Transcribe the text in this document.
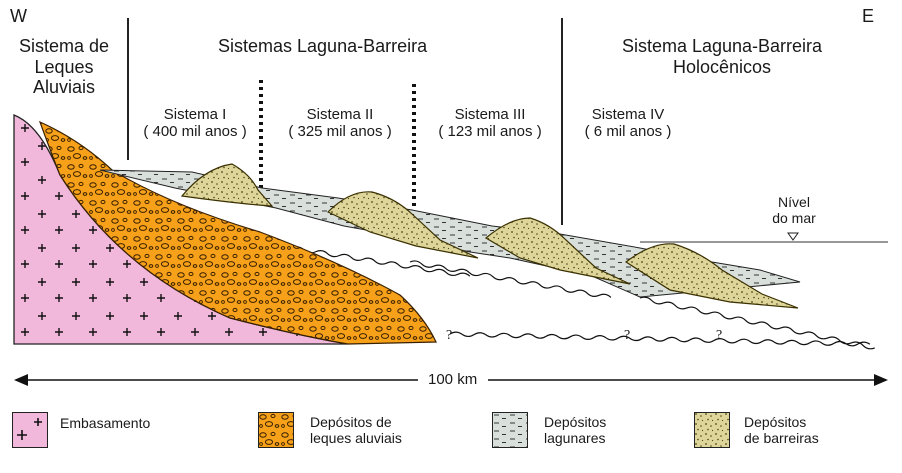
W	E
Sistema de
Leques
Aluviais
Sistemas Laguna-Barreira	Sistema Laguna-Barreira
Holocênicos
Sistema I
( 400 mil anos )
Sistema II
( 325 mil anos )
Sistema III
( 123 mil anos )
Sistema IV
( 6 mil anos )
Nível
do mar
?	?	?
100 km
Embasamento	Depósitos de
leques aluviais
Depósitos
lagunares
Depósitos
de barreiras
